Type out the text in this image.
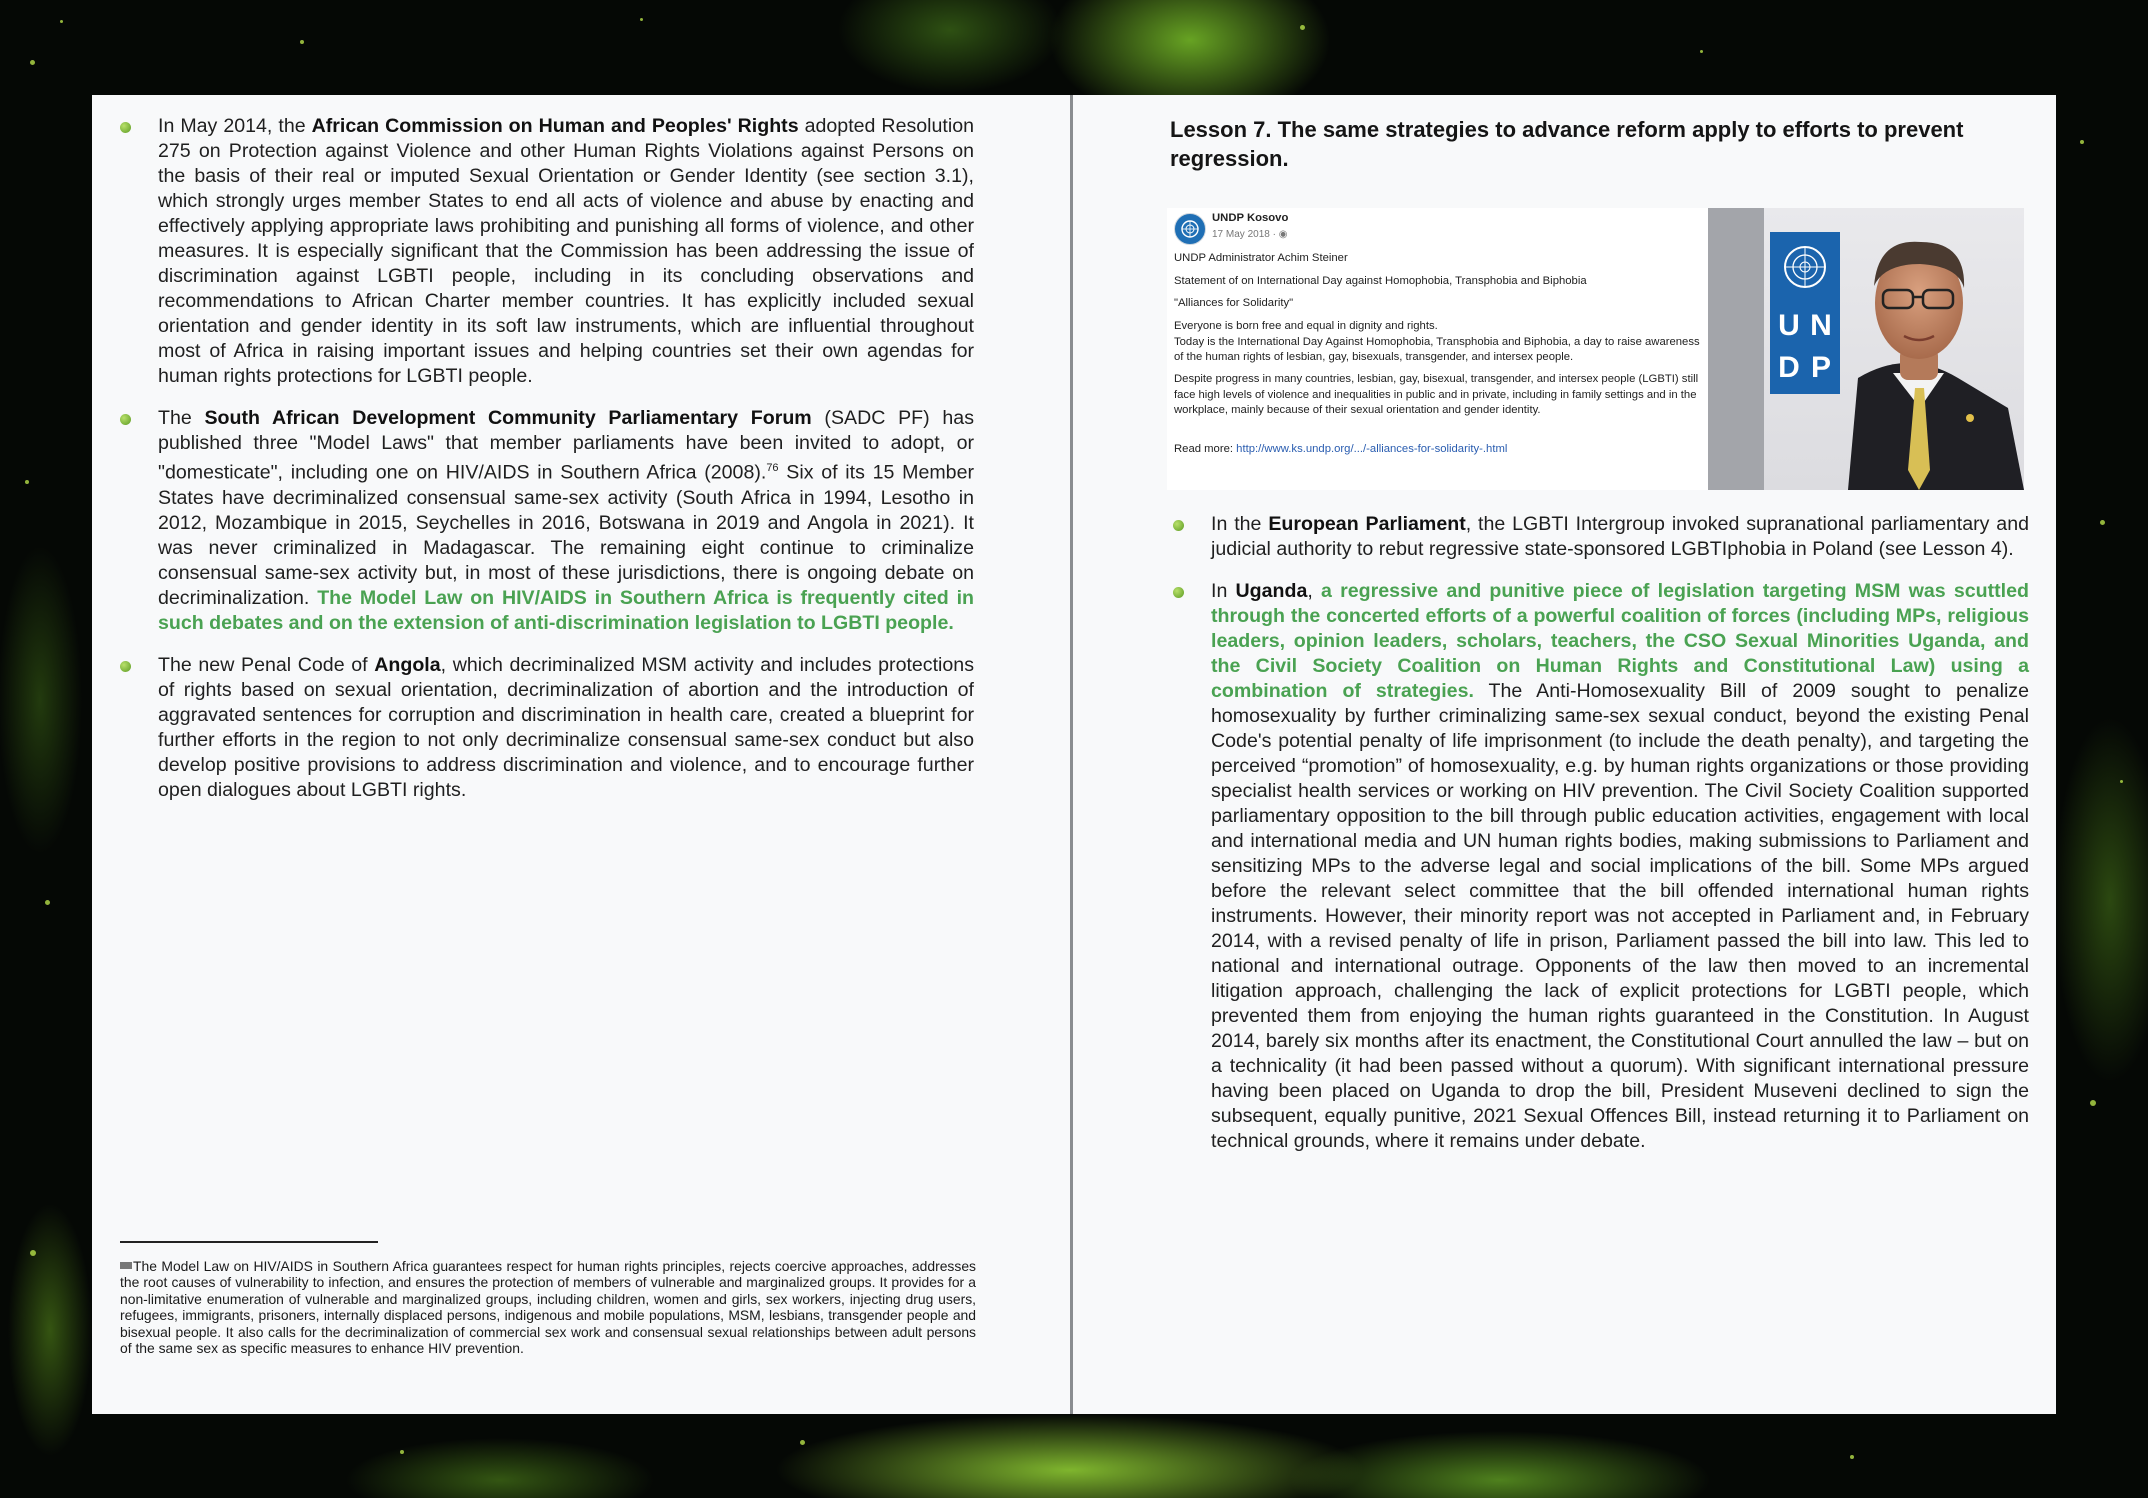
In May 2014, the African Commission on Human and Peoples' Rights adopted Resolution 275 on Protection against Violence and other Human Rights Violations against Persons on the basis of their real or imputed Sexual Orientation or Gender Identity (see section 3.1), which strongly urges member States to end all acts of violence and abuse by enacting and effectively applying appropriate laws prohibiting and punishing all forms of violence, and other measures. It is especially significant that the Commission has been addressing the issue of discrimination against LGBTI people, including in its concluding observations and recommendations to African Charter member countries. It has explicitly included sexual orientation and gender identity in its soft law instruments, which are influential throughout most of Africa in raising important issues and helping countries set their own agendas for human rights protections for LGBTI people.
The South African Development Community Parliamentary Forum (SADC PF) has published three "Model Laws" that member parliaments have been invited to adopt, or "domesticate", including one on HIV/AIDS in Southern Africa (2008).$^{76}$ Six of its 15 Member States have decriminalized consensual same-sex activity (South Africa in 1994, Lesotho in 2012, Mozambique in 2015, Seychelles in 2016, Botswana in 2019 and Angola in 2021). It was never criminalized in Madagascar. The remaining eight continue to criminalize consensual same-sex activity but, in most of these jurisdictions, there is ongoing debate on decriminalization. The Model Law on HIV/AIDS in Southern Africa is frequently cited in such debates and on the extension of anti-discrimination legislation to LGBTI people.
The new Penal Code of Angola, which decriminalized MSM activity and includes protections of rights based on sexual orientation, decriminalization of abortion and the introduction of aggravated sentences for corruption and discrimination in health care, created a blueprint for further efforts in the region to not only decriminalize consensual same-sex conduct but also develop positive provisions to address discrimination and violence, and to encourage further open dialogues about LGBTI rights.

The Model Law on HIV/AIDS in Southern Africa guarantees respect for human rights principles, rejects coercive approaches, addresses the root causes of vulnerability to infection, and ensures the protection of members of vulnerable and marginalized groups. It provides for a non-limitative enumeration of vulnerable and marginalized groups, including children, women and girls, sex workers, injecting drug users, refugees, immigrants, prisoners, internally displaced persons, indigenous and mobile populations, MSM, lesbians, transgender people and bisexual people. It also calls for the decriminalization of commercial sex work and consensual sexual relationships between adult persons of the same sex as specific measures to enhance HIV prevention.

Lesson 7. The same strategies to advance reform apply to efforts to prevent regression.
UNDP Kosovo
17 May 2018 · ◉
UNDP Administrator Achim Steiner
Statement of on International Day against Homophobia, Transphobia and Biphobia
"Alliances for Solidarity"
Everyone is born free and equal in dignity and rights.
Today is the International Day Against Homophobia, Transphobia and Biphobia, a day to raise awareness of the human rights of lesbian, gay, bisexuals, transgender, and intersex people.
Despite progress in many countries, lesbian, gay, bisexual, transgender, and intersex people (LGBTI) still face high levels of violence and inequalities in public and in private, including in family settings and in the workplace, mainly because of their sexual orientation and gender identity.
Read more: http://www.ks.undp.org/.../-alliances-for-solidarity-.html
U N
D P
In the European Parliament, the LGBTI Intergroup invoked supranational parliamentary and judicial authority to rebut regressive state-sponsored LGBTIphobia in Poland (see Lesson 4).
In Uganda, a regressive and punitive piece of legislation targeting MSM was scuttled through the concerted efforts of a powerful coalition of forces (including MPs, religious leaders, opinion leaders, scholars, teachers, the CSO Sexual Minorities Uganda, and the Civil Society Coalition on Human Rights and Constitutional Law) using a combination of strategies. The Anti-Homosexuality Bill of 2009 sought to penalize homosexuality by further criminalizing same-sex sexual conduct, beyond the existing Penal Code's potential penalty of life imprisonment (to include the death penalty), and targeting the perceived “promotion” of homosexuality, e.g. by human rights organizations or those providing specialist health services or working on HIV prevention. The Civil Society Coalition supported parliamentary opposition to the bill through public education activities, engagement with local and international media and UN human rights bodies, making submissions to Parliament and sensitizing MPs to the adverse legal and social implications of the bill. Some MPs argued before the relevant select committee that the bill offended international human rights instruments. However, their minority report was not accepted in Parliament and, in February 2014, with a revised penalty of life in prison, Parliament passed the bill into law. This led to national and international outrage. Opponents of the law then moved to an incremental litigation approach, challenging the lack of explicit protections for LGBTI people, which prevented them from enjoying the human rights guaranteed in the Constitution. In August 2014, barely six months after its enactment, the Constitutional Court annulled the law – but on a technicality (it had been passed without a quorum). With significant international pressure having been placed on Uganda to drop the bill, President Museveni declined to sign the subsequent, equally punitive, 2021 Sexual Offences Bill, instead returning it to Parliament on technical grounds, where it remains under debate.
